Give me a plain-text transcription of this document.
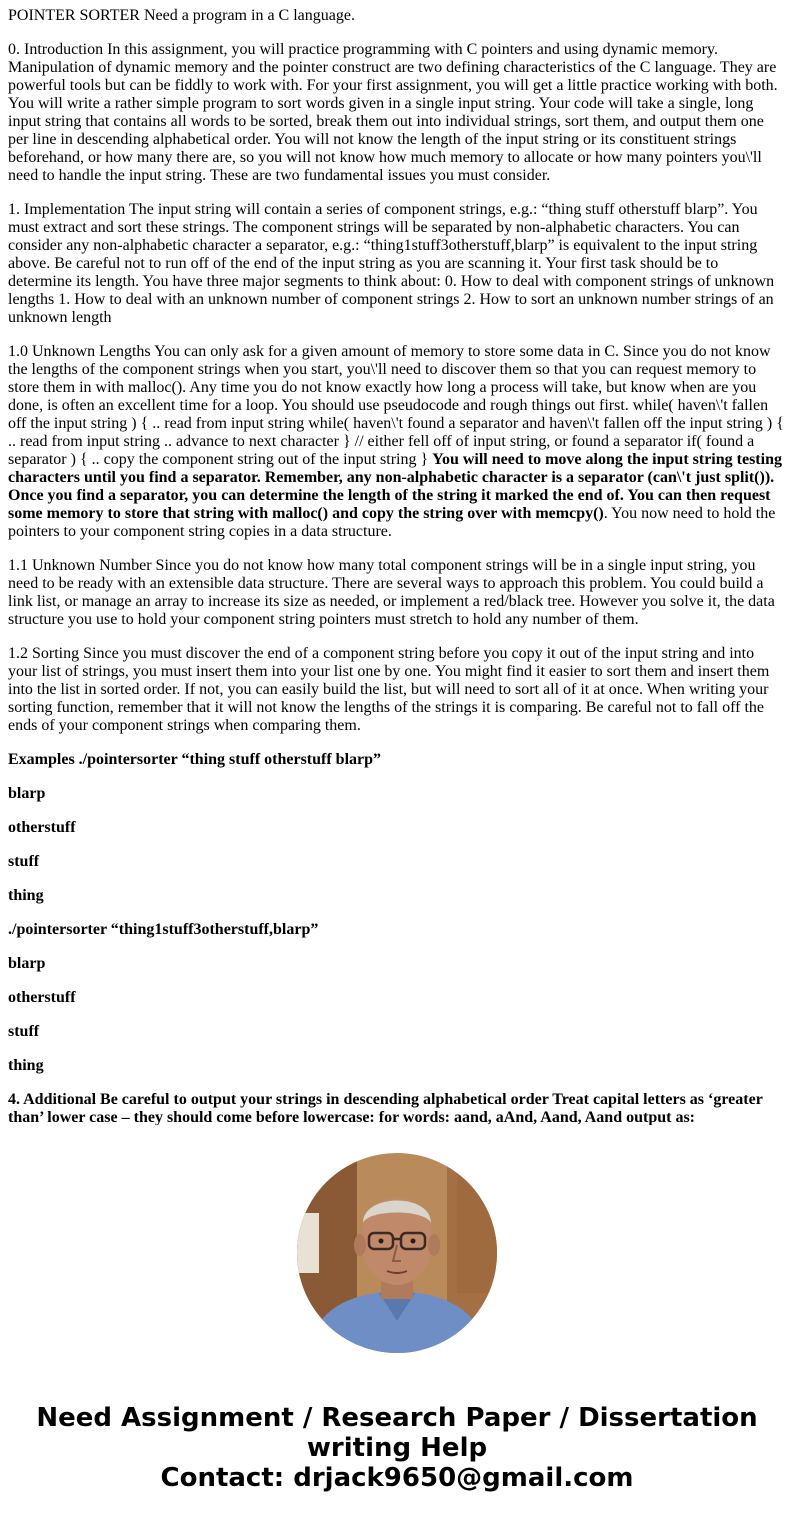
POINTER SORTER Need a program in a C language.

0. Introduction In this assignment, you will practice programming with C pointers and using dynamic memory. Manipulation of dynamic memory and the pointer construct are two defining characteristics of the C language. They are powerful tools but can be fiddly to work with. For your first assignment, you will get a little practice working with both. You will write a rather simple program to sort words given in a single input string. Your code will take a single, long input string that contains all words to be sorted, break them out into individual strings, sort them, and output them one per line in descending alphabetical order. You will not know the length of the input string or its constituent strings beforehand, or how many there are, so you will not know how much memory to allocate or how many pointers you\'ll need to handle the input string. These are two fundamental issues you must consider.

1. Implementation The input string will contain a series of component strings, e.g.: “thing stuff otherstuff blarp”. You must extract and sort these strings. The component strings will be separated by non-alphabetic characters. You can consider any non-alphabetic character a separator, e.g.: “thing1stuff3otherstuff,blarp” is equivalent to the input string above. Be careful not to run off of the end of the input string as you are scanning it. Your first task should be to determine its length. You have three major segments to think about: 0. How to deal with component strings of unknown lengths 1. How to deal with an unknown number of component strings 2. How to sort an unknown number strings of an unknown length

1.0 Unknown Lengths You can only ask for a given amount of memory to store some data in C. Since you do not know the lengths of the component strings when you start, you\'ll need to discover them so that you can request memory to store them in with malloc(). Any time you do not know exactly how long a process will take, but know when are you done, is often an excellent time for a loop. You should use pseudocode and rough things out first. while( haven\'t fallen off the input string ) { .. read from input string while( haven\'t found a separator and haven\'t fallen off the input string ) { .. read from input string .. advance to next character } // either fell off of input string, or found a separator if( found a separator ) { .. copy the component string out of the input string } You will need to move along the input string testing characters until you find a separator. Remember, any non-alphabetic character is a separator (can\'t just split()). Once you find a separator, you can determine the length of the string it marked the end of. You can then request some memory to store that string with malloc() and copy the string over with memcpy(). You now need to hold the pointers to your component string copies in a data structure.

1.1 Unknown Number Since you do not know how many total component strings will be in a single input string, you need to be ready with an extensible data structure. There are several ways to approach this problem. You could build a link list, or manage an array to increase its size as needed, or implement a red/black tree. However you solve it, the data structure you use to hold your component string pointers must stretch to hold any number of them.

1.2 Sorting Since you must discover the end of a component string before you copy it out of the input string and into your list of strings, you must insert them into your list one by one. You might find it easier to sort them and insert them into the list in sorted order. If not, you can easily build the list, but will need to sort all of it at once. When writing your sorting function, remember that it will not know the lengths of the strings it is comparing. Be careful not to fall off the ends of your component strings when comparing them.

Examples ./pointersorter “thing stuff otherstuff blarp”

blarp

otherstuff

stuff

thing

./pointersorter “thing1stuff3otherstuff,blarp”

blarp

otherstuff

stuff

thing

4. Additional Be careful to output your strings in descending alphabetical order Treat capital letters as ‘greater than’ lower case – they should come before lowercase: for words: aand, aAnd, Aand, Aand output as:

Need Assignment / Research Paper / Dissertation
writing Help
Contact: drjack9650@gmail.com
